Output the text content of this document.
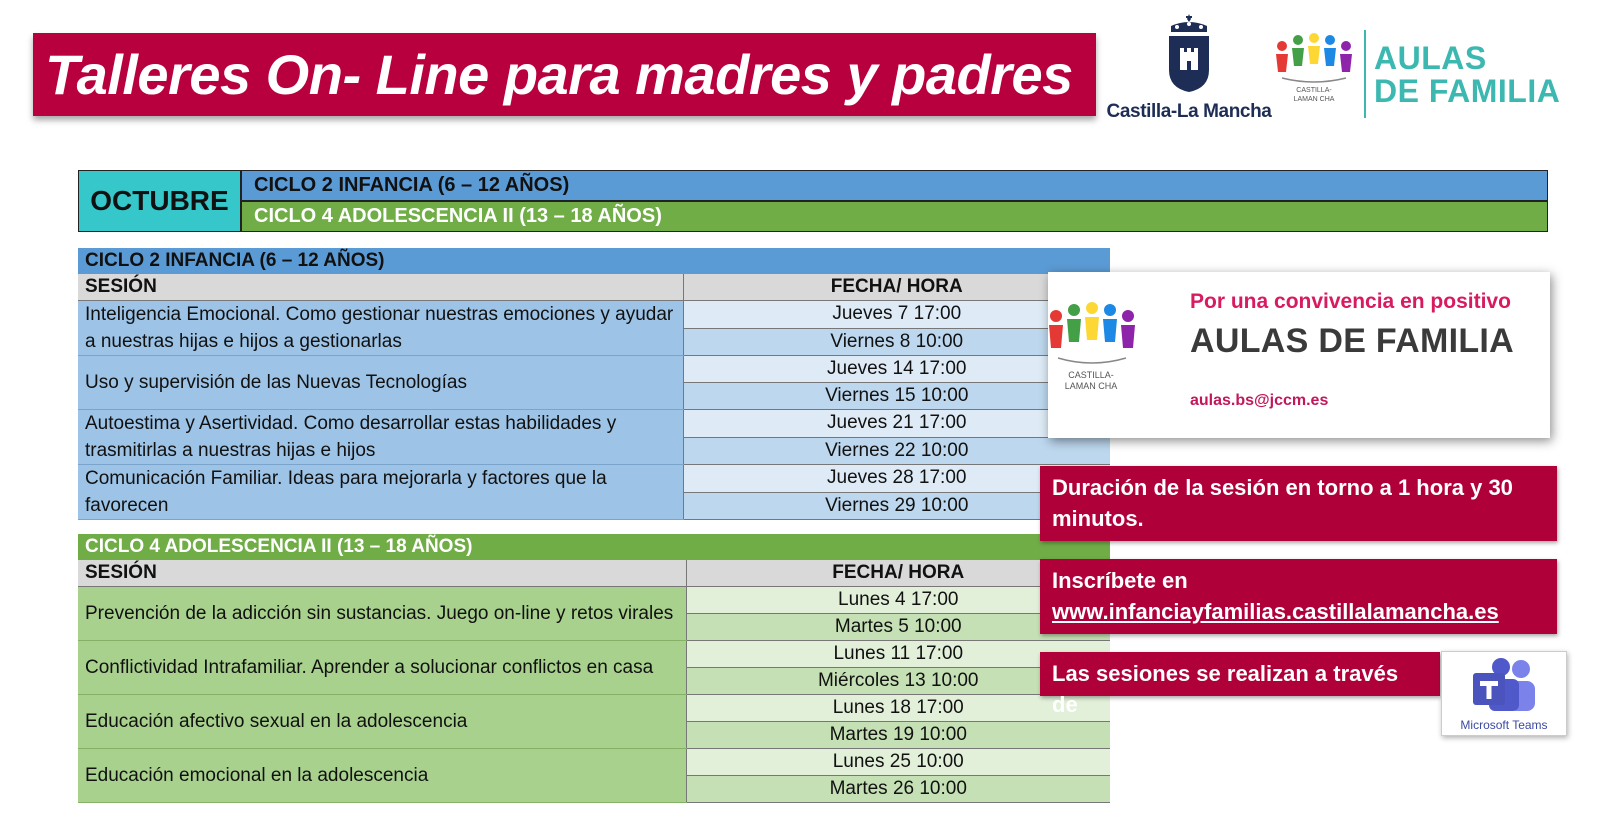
Talleres On- Line para madres y padres
Castilla-La Mancha
CASTILLA-LAMAN CHA
AULAS
DE FAMILIA
OCTUBRE	CICLO 2 INFANCIA (6 – 12 AÑOS)
CICLO 4 ADOLESCENCIA II (13 – 18 AÑOS)
CICLO 2 INFANCIA (6 – 12 AÑOS)	
SESIÓN	FECHA/ HORA
Inteligencia Emocional. Como gestionar nuestras emociones y ayudar a nuestras hijas e hijos a gestionarlas	Jueves 7 17:00
	Viernes 8 10:00
Uso y supervisión de las Nuevas Tecnologías	Jueves 14 17:00
	Viernes 15 10:00
Autoestima y Asertividad. Como desarrollar estas habilidades y trasmitirlas a nuestras hijas e hijos	Jueves 21 17:00
	Viernes 22 10:00
Comunicación Familiar. Ideas para mejorarla y factores que la favorecen	Jueves 28 17:00
	Viernes 29 10:00
CICLO 4 ADOLESCENCIA II (13 – 18 AÑOS)	
SESIÓN	FECHA/ HORA
Prevención de la adicción sin sustancias. Juego on-line y retos virales	Lunes 4 17:00
	Martes 5 10:00
Conflictividad Intrafamiliar. Aprender a solucionar conflictos en casa	Lunes 11 17:00
	Miércoles 13 10:00
Educación afectivo sexual en la adolescencia	Lunes 18 17:00
	Martes 19 10:00
Educación emocional en la adolescencia	Lunes 25 10:00
	Martes 26 10:00
CASTILLA-LAMAN CHA
Por una convivencia en positivo
AULAS DE FAMILIA
aulas.bs@jccm.es
Duración de la sesión en torno a 1 hora y 30 minutos.
Inscríbete en
www.infanciayfamilias.castillalamancha.es
Las sesiones se realizan a través de
Microsoft Teams
